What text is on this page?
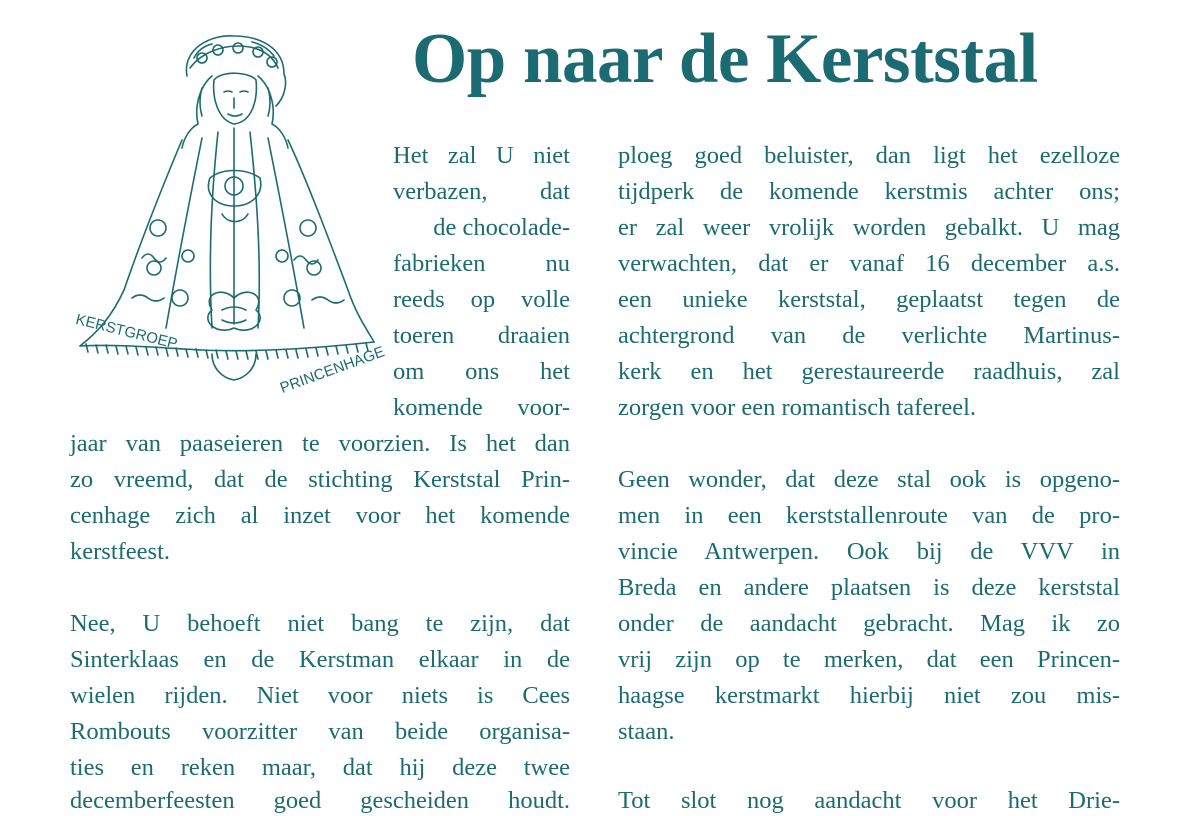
Op naar de Kerststal
KERSTGROEP
PRINCENHAGE
Het zal U niet
verbazen, dat
de chocolade-
fabrieken nu
reeds op volle
toeren draaien
om ons het
komende voor-
jaar van paaseieren te voorzien. Is het dan
zo vreemd, dat de stichting Kerststal Prin-
cenhage zich al inzet voor het komende
kerstfeest.
Nee, U behoeft niet bang te zijn, dat
Sinterklaas en de Kerstman elkaar in de
wielen rijden. Niet voor niets is Cees
Rombouts voorzitter van beide organisa-
ties en reken maar, dat hij deze twee
decemberfeesten goed gescheiden houdt.
ploeg goed beluister, dan ligt het ezelloze
tijdperk de komende kerstmis achter ons;
er zal weer vrolijk worden gebalkt. U mag
verwachten, dat er vanaf 16 december a.s.
een unieke kerststal, geplaatst tegen de
achtergrond van de verlichte Martinus-
kerk en het gerestaureerde raadhuis, zal
zorgen voor een romantisch tafereel.
Geen wonder, dat deze stal ook is opgeno-
men in een kerststallenroute van de pro-
vincie Antwerpen. Ook bij de VVV in
Breda en andere plaatsen is deze kerststal
onder de aandacht gebracht. Mag ik zo
vrij zijn op te merken, dat een Princen-
haagse kerstmarkt hierbij niet zou mis-
staan.
Tot slot nog aandacht voor het Drie-
